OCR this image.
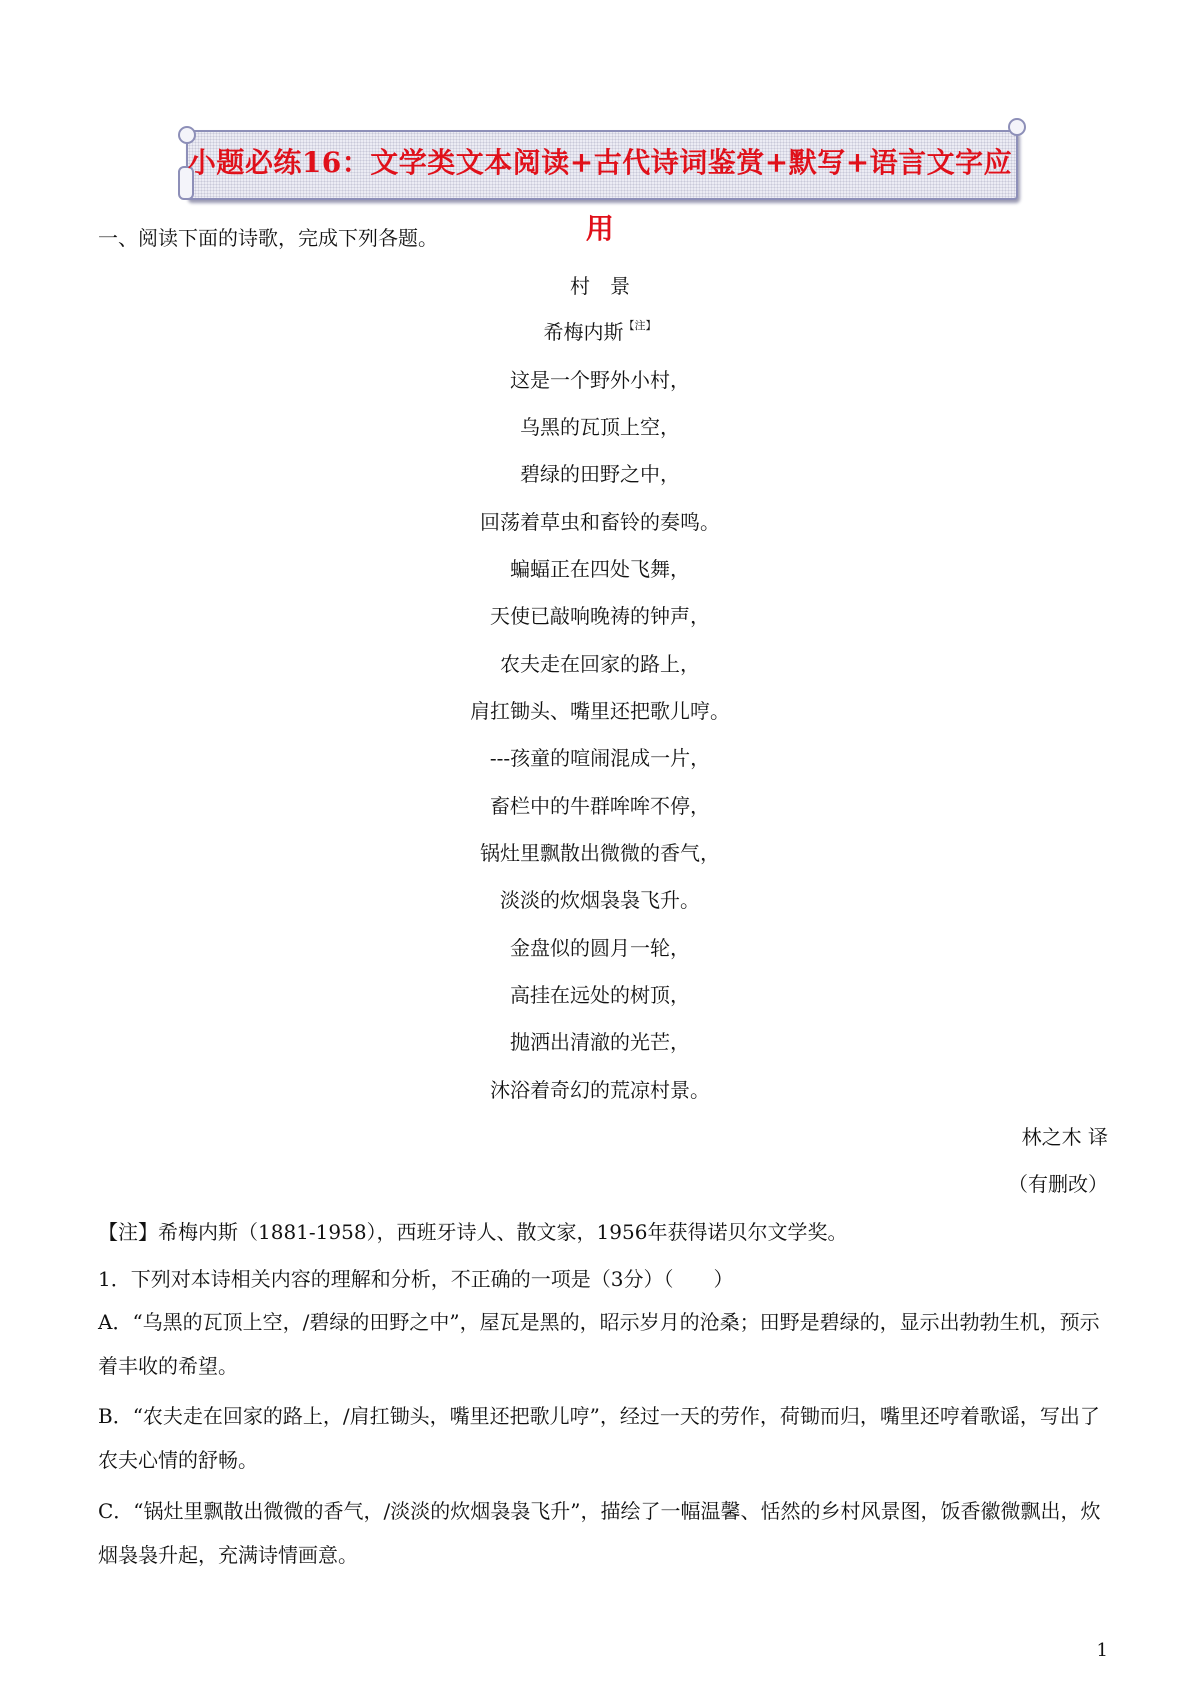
小题必练16：文学类文本阅读+古代诗词鉴赏+默写+语言文字应用
一、阅读下面的诗歌，完成下列各题。
村　景
希梅内斯$^{【注】}$
这是一个野外小村，
乌黑的瓦顶上空，
碧绿的田野之中，
回荡着草虫和畜铃的奏鸣。
蝙蝠正在四处飞舞，
天使已敲响晚祷的钟声，
农夫走在回家的路上，
肩扛锄头、嘴里还把歌儿哼。
---孩童的喧闹混成一片，
畜栏中的牛群哞哞不停，
锅灶里飘散出微微的香气，
淡淡的炊烟袅袅飞升。
金盘似的圆月一轮，
高挂在远处的树顶，
抛洒出清澈的光芒，
沐浴着奇幻的荒凉村景。
林之木 译
（有删改）
【注】希梅内斯（1881-1958），西班牙诗人、散文家，1956年获得诺贝尔文学奖。
1．下列对本诗相关内容的理解和分析，不正确的一项是（3分）（　　）
A．“乌黑的瓦顶上空，/碧绿的田野之中”，屋瓦是黑的，昭示岁月的沧桑；田野是碧绿的，显示出勃勃生机，预示着丰收的希望。
B．“农夫走在回家的路上，/肩扛锄头，嘴里还把歌儿哼”，经过一天的劳作，荷锄而归，嘴里还哼着歌谣，写出了农夫心情的舒畅。
C．“锅灶里飘散出微微的香气，/淡淡的炊烟袅袅飞升”，描绘了一幅温馨、恬然的乡村风景图，饭香徽微飘出，炊烟袅袅升起，充满诗情画意。
1
